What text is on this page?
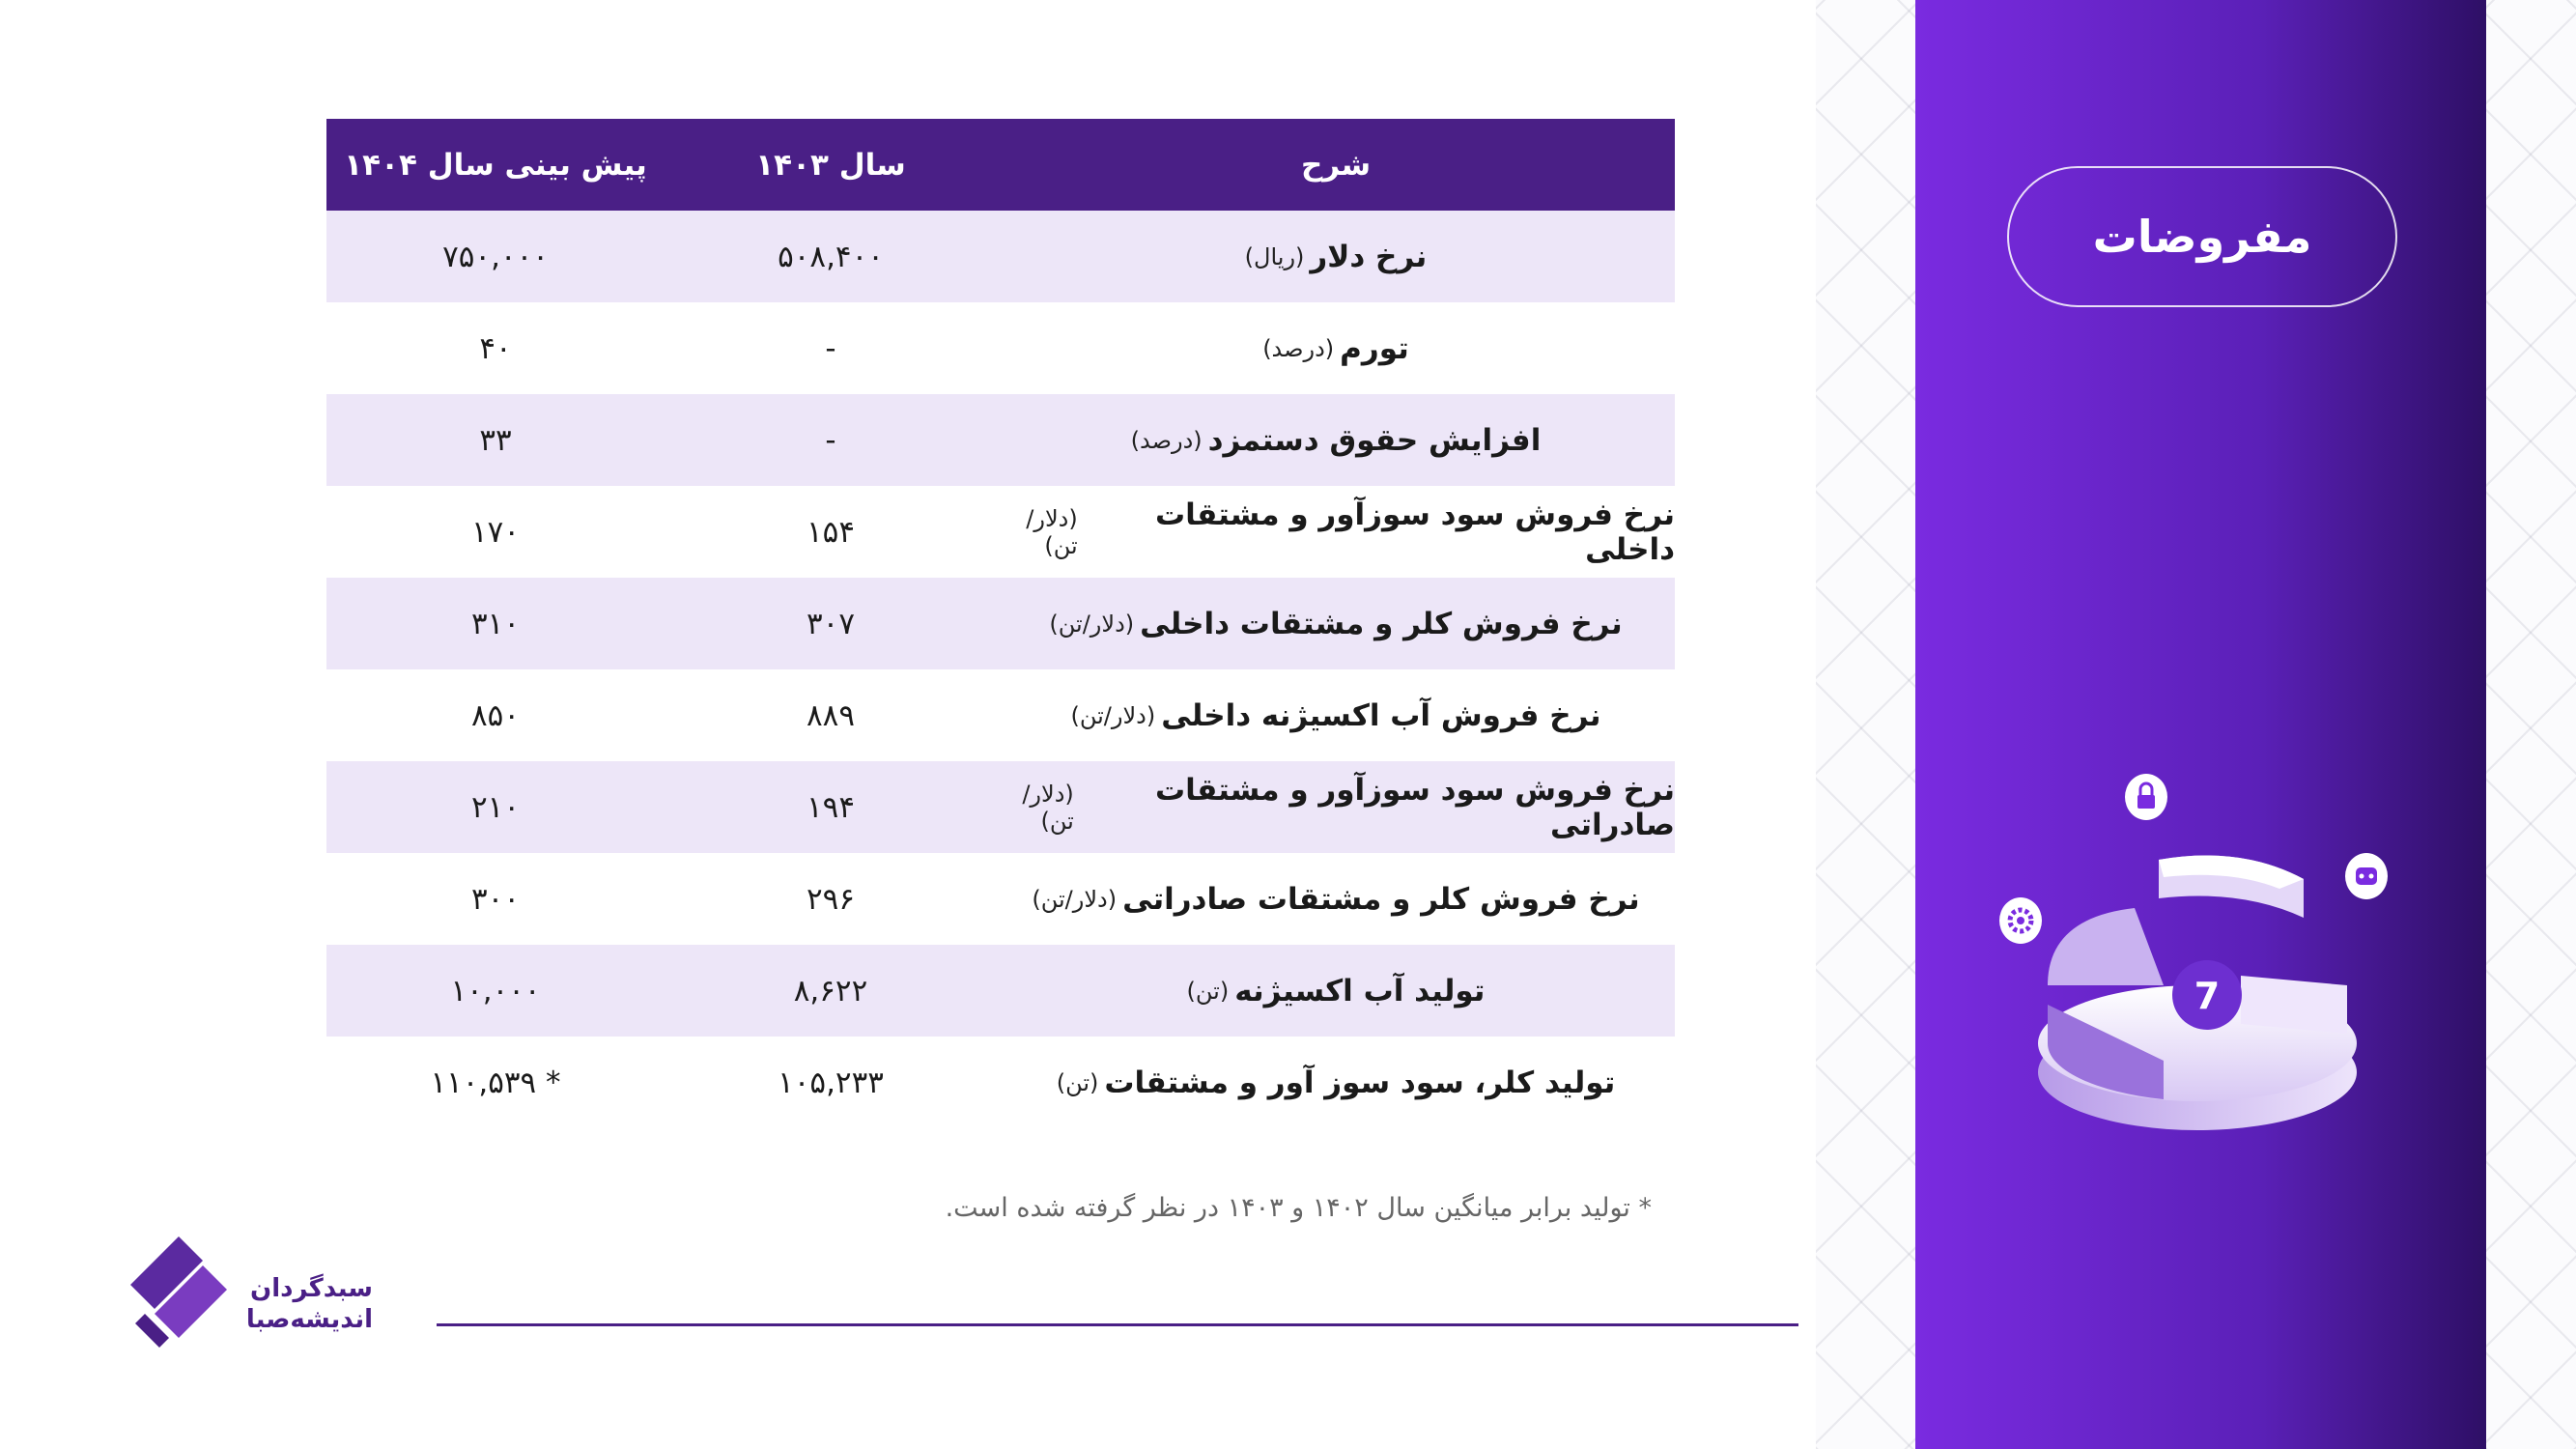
مفروضات
7
شرح
سال ۱۴۰۳
پیش بینی سال ۱۴۰۴
نرخ دلار
(ریال)
۵۰۸,۴۰۰
۷۵۰,۰۰۰
تورم
(درصد)
-
۴۰
افزایش حقوق دستمزد
(درصد)
-
۳۳
نرخ فروش سود سوزآور و مشتقات داخلی
(دلار/تن)
۱۵۴
۱۷۰
نرخ فروش کلر و مشتقات داخلی
(دلار/تن)
۳۰۷
۳۱۰
نرخ فروش آب اکسیژنه داخلی
(دلار/تن)
۸۸۹
۸۵۰
نرخ فروش سود سوزآور و مشتقات صادراتی
(دلار/تن)
۱۹۴
۲۱۰
نرخ فروش کلر و مشتقات صادراتی
(دلار/تن)
۲۹۶
۳۰۰
تولید آب اکسیژنه
(تن)
۸,۶۲۲
۱۰,۰۰۰
تولید کلر، سود سوز آور و مشتقات
(تن)
۱۰۵,۲۳۳
* ۱۱۰,۵۳۹
* تولید برابر میانگین سال ۱۴۰۲ و ۱۴۰۳ در نظر گرفته شده است.
سبدگردان
اندیشه‌صبا
